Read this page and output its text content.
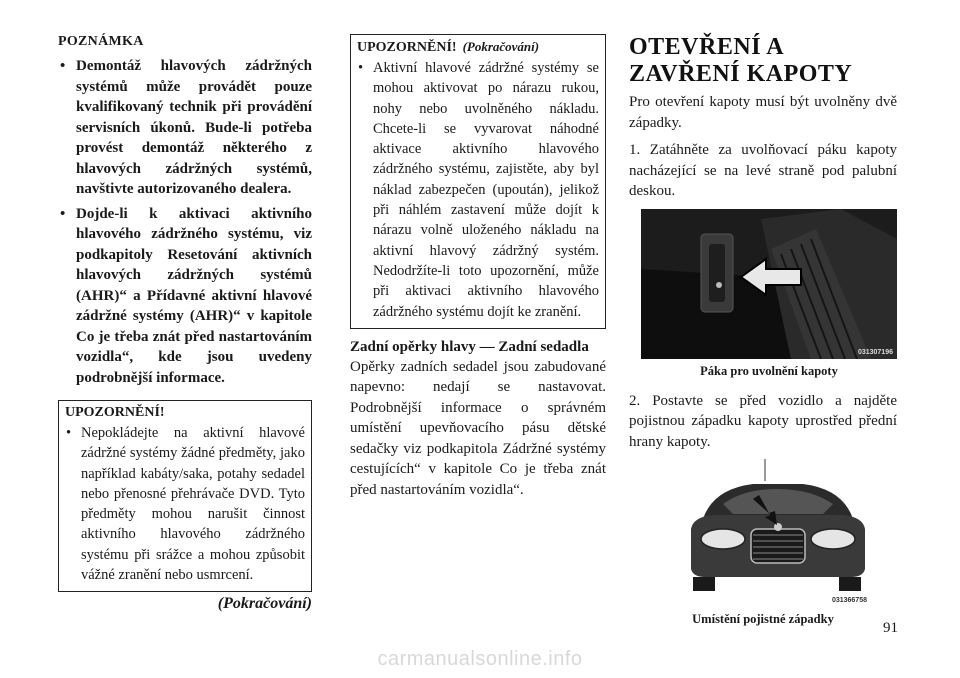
POZNÁMKA
• Demontáž hlavových zádržných systémů může provádět pouze kvalifikovaný technik při provádění servisních úkonů. Bude-li potřeba provést demontáž některého z hlavových zádržných systémů, navštivte autorizovaného dealera.
• Dojde-li k aktivaci aktivního hlavového zádržného systému, viz podkapitoly Resetování aktivních hlavových zádržných systémů (AHR)“ a Přídavné aktivní hlavové zádržné systémy (AHR)“ v kapitole Co je třeba znát před nastartováním vozidla“, kde jsou uvedeny podrobnější informace.
UPOZORNĚNÍ!
• Nepokládejte na aktivní hlavové zádržné systémy žádné předměty, jako například kabáty/saka, potahy sedadel nebo přenosné přehrávače DVD. Tyto předměty mohou narušit činnost aktivního hlavového zádržného systému při srážce a mohou způsobit vážné zranění nebo usmrcení.
(Pokračování)
UPOZORNĚNÍ! (Pokračování)
• Aktivní hlavové zádržné systémy se mohou aktivovat po nárazu rukou, nohy nebo uvolněného nákladu. Chcete-li se vyvarovat náhodné aktivace aktivního hlavového zádržného systému, zajistěte, aby byl náklad zabezpečen (upoután), jelikož při náhlém zastavení může dojít k nárazu volně uloženého nákladu na aktivní hlavový zádržný systém. Nedodržíte-li toto upozornění, může při aktivaci aktivního hlavového zádržného systému dojít ke zranění.
Zadní opěrky hlavy — Zadní sedadla

Opěrky zadních sedadel jsou zabudované napevno: nedají se nastavovat. Podrobnější informace o správném umístění upevňovacího pásu dětské sedačky viz podkapitola Zádržné systémy cestujících“ v kapitole Co je třeba znát před nastartováním vozidla“.

OTEVŘENÍ A ZAVŘENÍ KAPOTY

Pro otevření kapoty musí být uvolněny dvě západky.

1. Zatáhněte za uvolňovací páku kapoty nacházející se na levé straně pod palubní deskou.

031307196
Páka pro uvolnění kapoty

2. Postavte se před vozidlo a najděte pojistnou západku kapoty uprostřed přední hrany kapoty.

031366758
Umístění pojistné západky
91
carmanualsonline.info
